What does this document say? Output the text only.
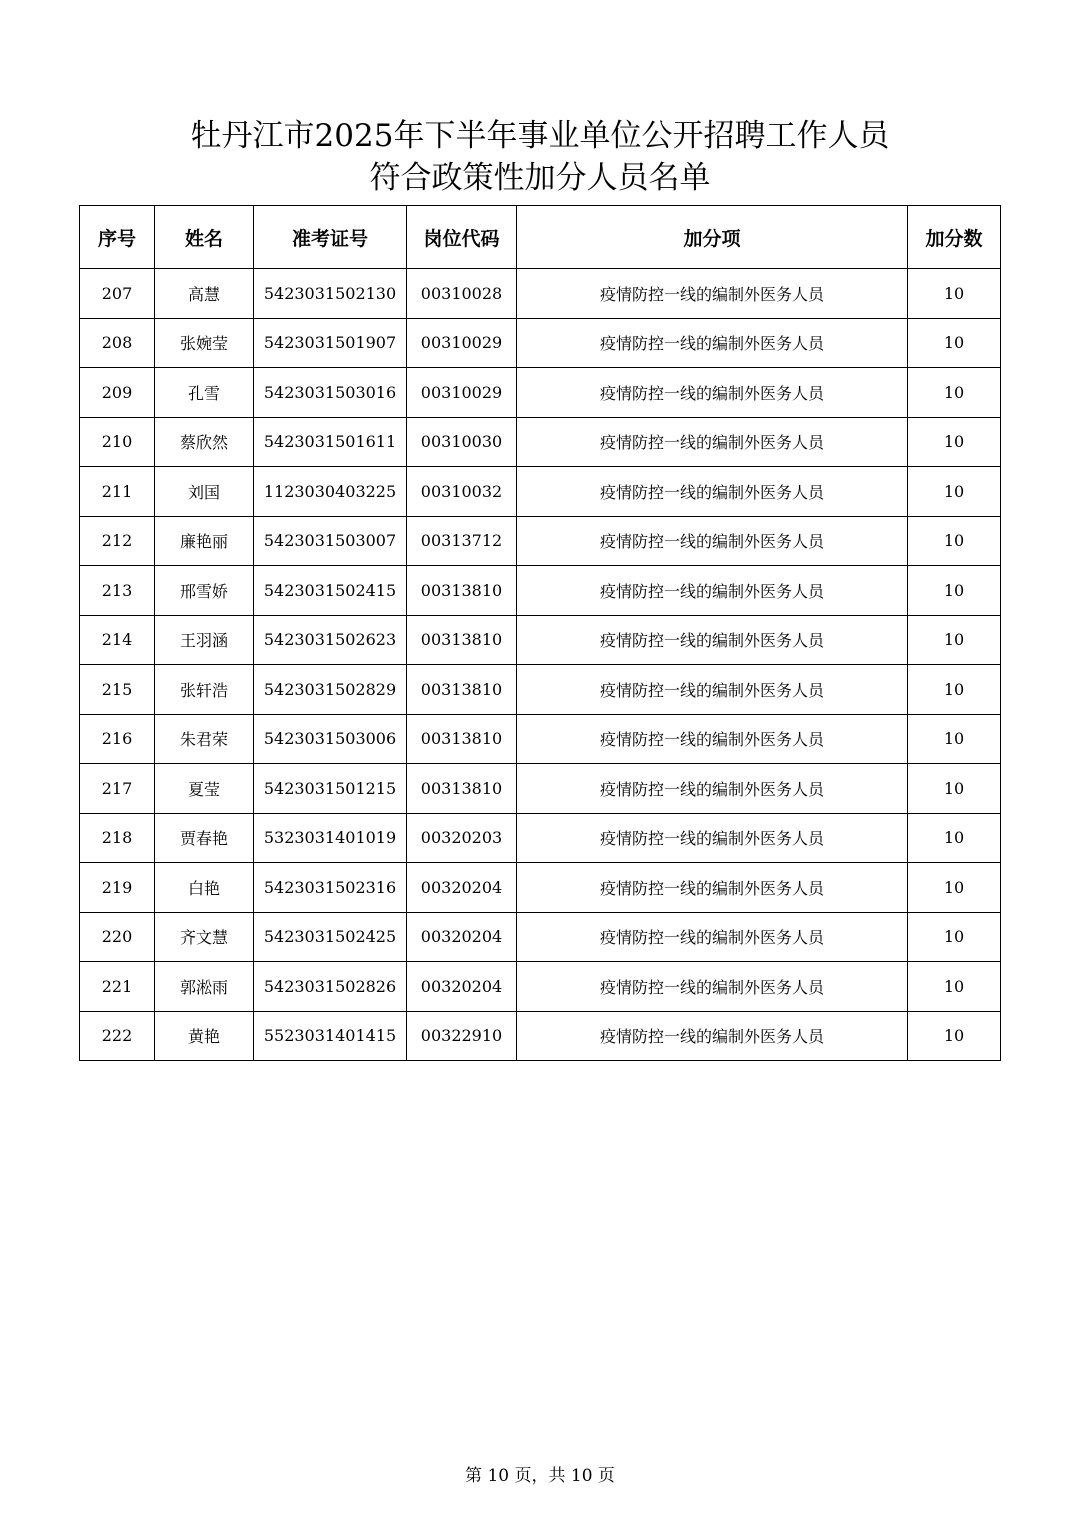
牡丹江市2025年下半年事业单位公开招聘工作人员
符合政策性加分人员名单
序号	姓名	准考证号	岗位代码	加分项	加分数
207	高慧	5423031502130	00310028	疫情防控一线的编制外医务人员	10
208	张婉莹	5423031501907	00310029	疫情防控一线的编制外医务人员	10
209	孔雪	5423031503016	00310029	疫情防控一线的编制外医务人员	10
210	蔡欣然	5423031501611	00310030	疫情防控一线的编制外医务人员	10
211	刘国	1123030403225	00310032	疫情防控一线的编制外医务人员	10
212	廉艳丽	5423031503007	00313712	疫情防控一线的编制外医务人员	10
213	邢雪娇	5423031502415	00313810	疫情防控一线的编制外医务人员	10
214	王羽涵	5423031502623	00313810	疫情防控一线的编制外医务人员	10
215	张轩浩	5423031502829	00313810	疫情防控一线的编制外医务人员	10
216	朱君荣	5423031503006	00313810	疫情防控一线的编制外医务人员	10
217	夏莹	5423031501215	00313810	疫情防控一线的编制外医务人员	10
218	贾春艳	5323031401019	00320203	疫情防控一线的编制外医务人员	10
219	白艳	5423031502316	00320204	疫情防控一线的编制外医务人员	10
220	齐文慧	5423031502425	00320204	疫情防控一线的编制外医务人员	10
221	郭淞雨	5423031502826	00320204	疫情防控一线的编制外医务人员	10
222	黄艳	5523031401415	00322910	疫情防控一线的编制外医务人员	10
第 10 页，共 10 页
